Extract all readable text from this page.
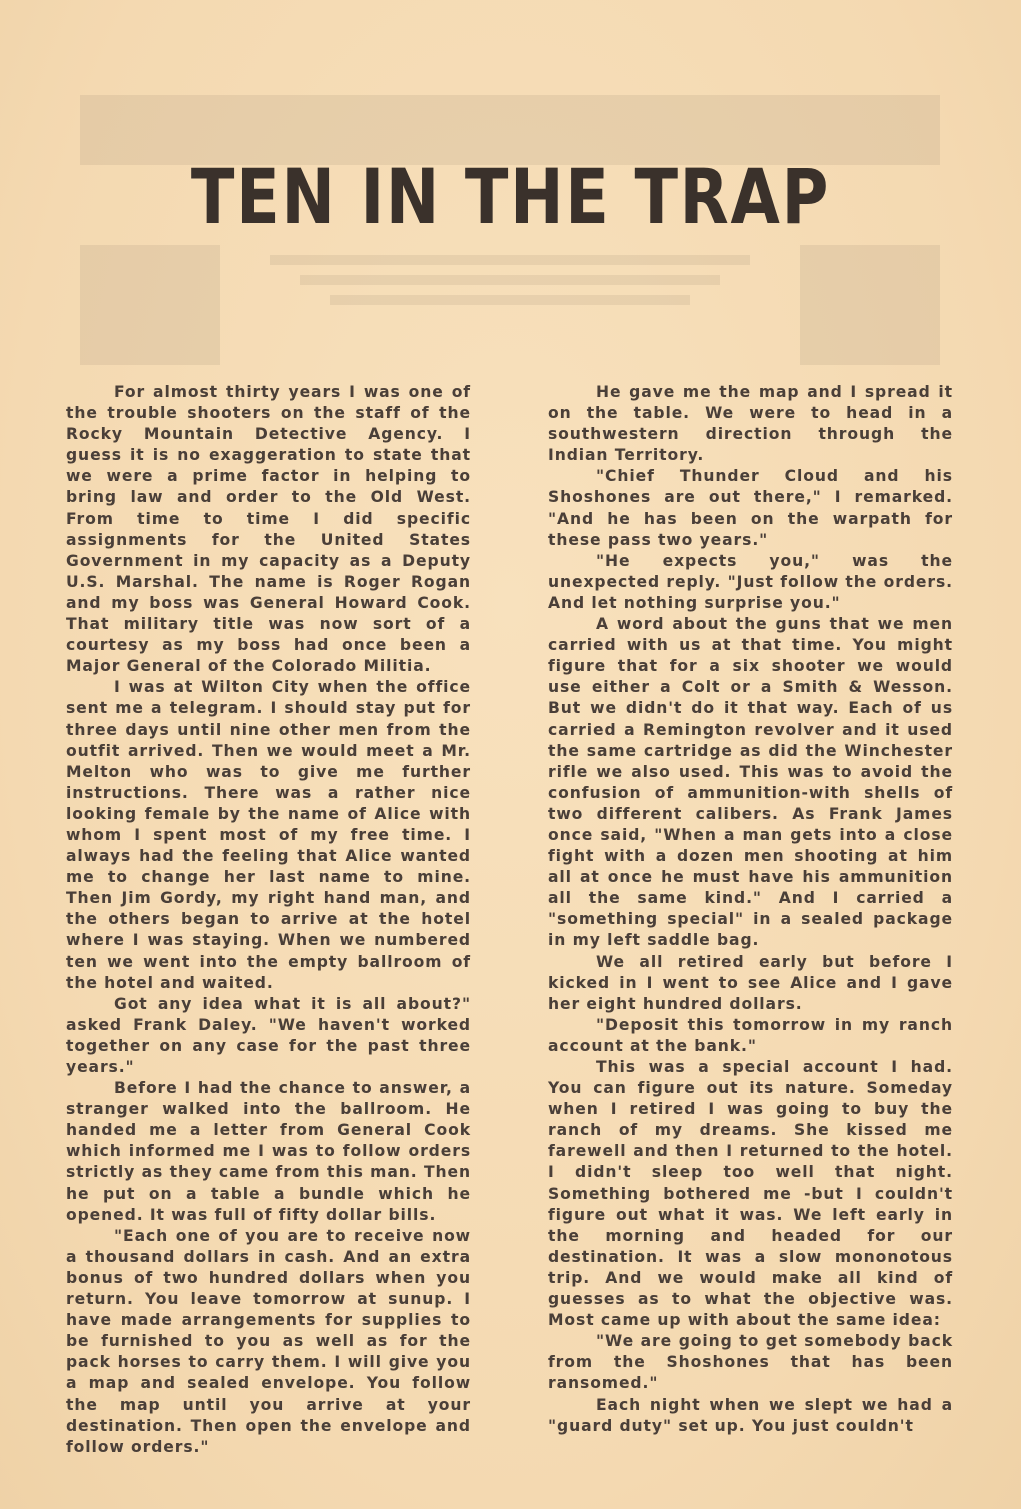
TEN IN THE TRAP

For almost thirty years I was one of the trouble shooters on the staff of the Rocky Mountain Detective Agency. I guess it is no exaggeration to state that we were a prime factor in helping to bring law and order to the Old West. From time to time I did specific assignments for the United States Government in my capacity as a Deputy U.S. Marshal. The name is Roger Rogan and my boss was General Howard Cook. That military title was now sort of a courtesy as my boss had once been a Major General of the Colorado Militia.

I was at Wilton City when the office sent me a telegram. I should stay put for three days until nine other men from the outfit arrived. Then we would meet a Mr. Melton who was to give me further instructions. There was a rather nice looking female by the name of Alice with whom I spent most of my free time. I always had the feeling that Alice wanted me to change her last name to mine. Then Jim Gordy, my right hand man, and the others began to arrive at the hotel where I was staying. When we numbered ten we went into the empty ballroom of the hotel and waited.

Got any idea what it is all about?" asked Frank Daley. "We haven't worked together on any case for the past three years."

Before I had the chance to answer, a stranger walked into the ballroom. He handed me a letter from General Cook which informed me I was to follow orders strictly as they came from this man. Then he put on a table a bundle which he opened. It was full of fifty dollar bills.

"Each one of you are to receive now a thousand dollars in cash. And an extra bonus of two hundred dollars when you return. You leave tomorrow at sunup. I have made arrangements for supplies to be furnished to you as well as for the pack horses to carry them. I will give you a map and sealed envelope. You follow the map until you arrive at your destination. Then open the envelope and follow orders."

He gave me the map and I spread it on the table. We were to head in a southwestern direction through the Indian Territory.

"Chief Thunder Cloud and his Shoshones are out there," I remarked. "And he has been on the warpath for these pass two years."

"He expects you," was the unexpected reply. "Just follow the orders. And let nothing surprise you."

A word about the guns that we men carried with us at that time. You might figure that for a six shooter we would use either a Colt or a Smith & Wesson. But we didn't do it that way. Each of us carried a Remington revolver and it used the same cartridge as did the Winchester rifle we also used. This was to avoid the confusion of ammunition-with shells of two different calibers. As Frank James once said, "When a man gets into a close fight with a dozen men shooting at him all at once he must have his ammunition all the same kind." And I carried a "something special" in a sealed package in my left saddle bag.

We all retired early but before I kicked in I went to see Alice and I gave her eight hundred dollars.

"Deposit this tomorrow in my ranch account at the bank."

This was a special account I had. You can figure out its nature. Someday when I retired I was going to buy the ranch of my dreams. She kissed me farewell and then I returned to the hotel. I didn't sleep too well that night. Something bothered me -but I couldn't figure out what it was. We left early in the morning and headed for our destination. It was a slow mononotous trip. And we would make all kind of guesses as to what the objective was. Most came up with about the same idea:

"We are going to get somebody back from the Shoshones that has been ransomed."

Each night when we slept we had a "guard duty" set up. You just couldn't
